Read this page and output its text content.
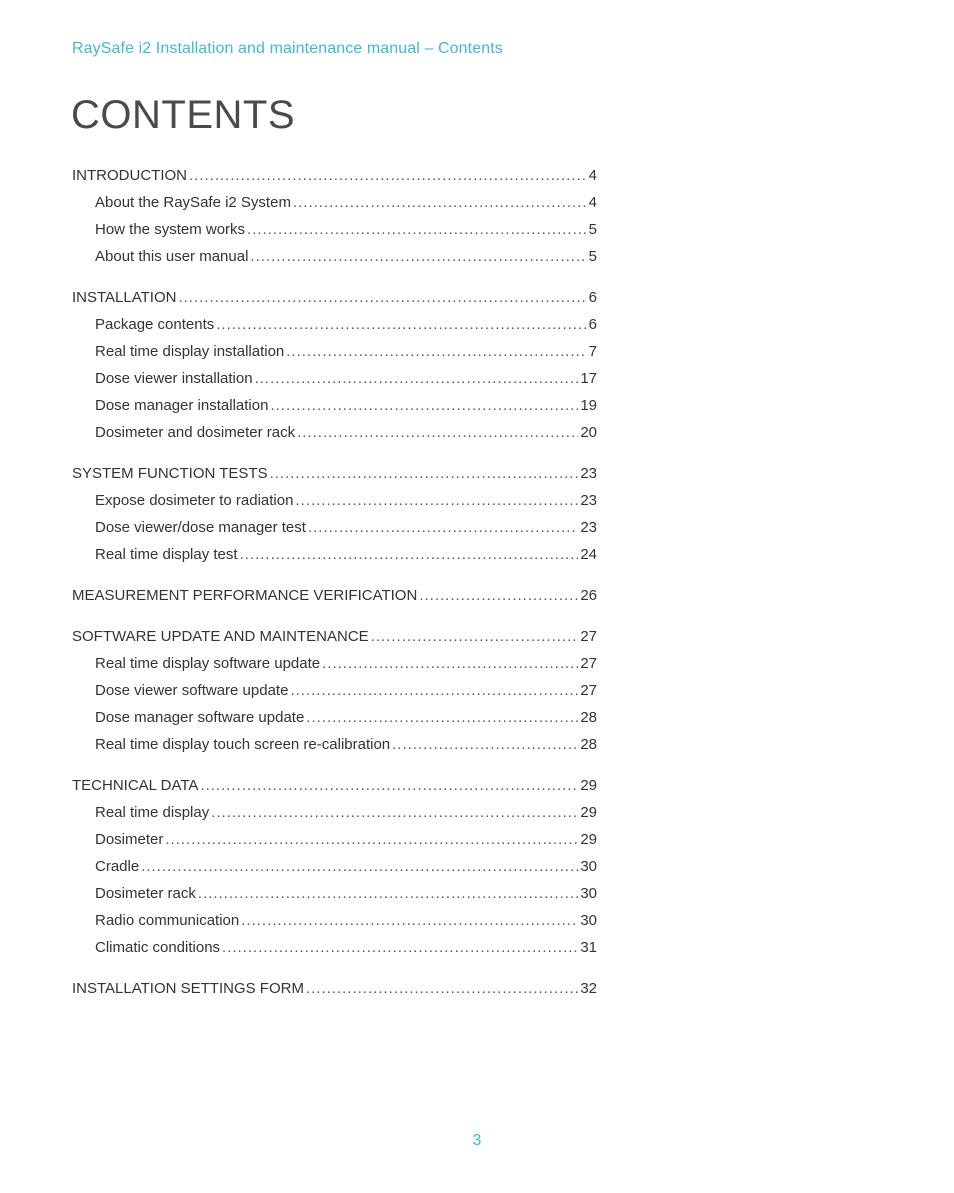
RaySafe i2 Installation and maintenance manual – Contents
CONTENTS
INTRODUCTION .....	4
About the RaySafe i2 System .....	4
How the system works .....	5
About this user manual .....	5
INSTALLATION .....	6
Package contents .....	6
Real time display installation .....	7
Dose viewer installation .....	17
Dose manager installation .....	19
Dosimeter and dosimeter rack .....	20
SYSTEM FUNCTION TESTS .....	23
Expose dosimeter to radiation .....	23
Dose viewer/dose manager test .....	23
Real time display test .....	24
MEASUREMENT PERFORMANCE VERIFICATION .....	26
SOFTWARE UPDATE AND MAINTENANCE .....	27
Real time display software update .....	27
Dose viewer software update .....	27
Dose manager software update .....	28
Real time display touch screen re-calibration .....	28
TECHNICAL DATA .....	29
Real time display .....	29
Dosimeter .....	29
Cradle .....	30
Dosimeter rack .....	30
Radio communication .....	30
Climatic conditions .....	31
INSTALLATION SETTINGS FORM .....	32
3
